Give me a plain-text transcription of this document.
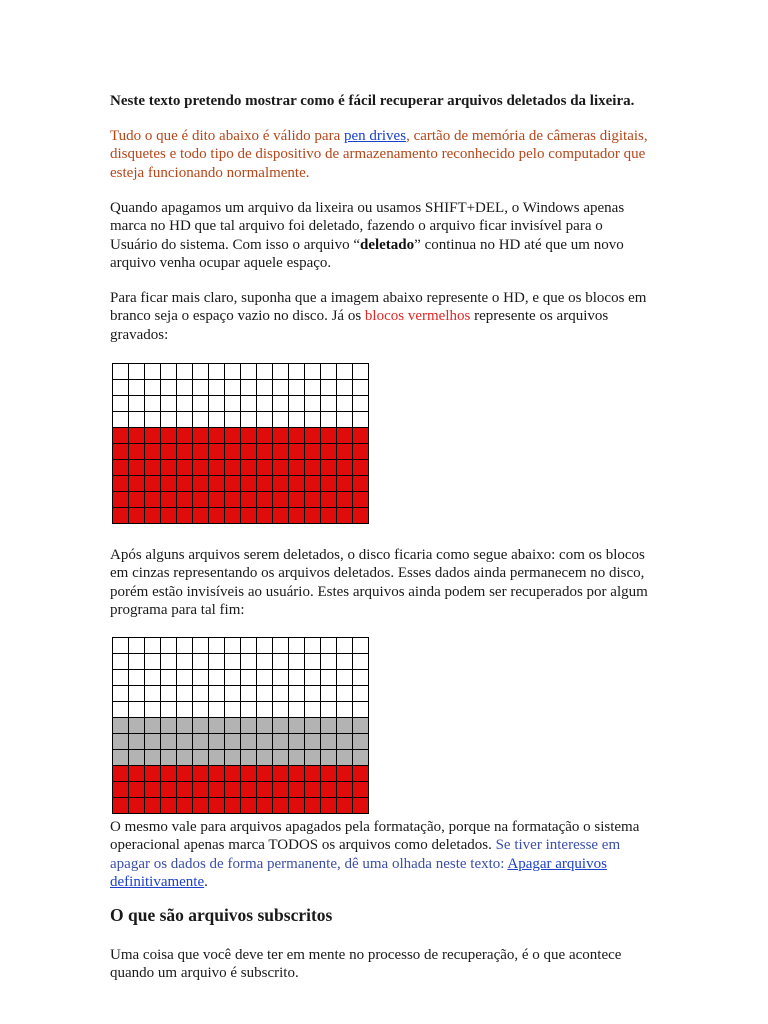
Neste texto pretendo mostrar como é fácil recuperar arquivos deletados da lixeira.
Tudo o que é dito abaixo é válido para pen drives, cartão de memória de câmeras digitais, disquetes e todo tipo de dispositivo de armazenamento reconhecido pelo computador que esteja funcionando normalmente.
Quando apagamos um arquivo da lixeira ou usamos SHIFT+DEL, o Windows apenas marca no HD que tal arquivo foi deletado, fazendo o arquivo ficar invisível para o Usuário do sistema. Com isso o arquivo “deletado” continua no HD até que um novo arquivo venha ocupar aquele espaço.
Para ficar mais claro, suponha que a imagem abaixo represente o HD, e que os blocos em branco seja o espaço vazio no disco. Já os blocos vermelhos represente os arquivos gravados:
Após alguns arquivos serem deletados, o disco ficaria como segue abaixo: com os blocos em cinzas representando os arquivos deletados. Esses dados ainda permanecem no disco, porém estão invisíveis ao usuário. Estes arquivos ainda podem ser recuperados por algum programa para tal fim:
O mesmo vale para arquivos apagados pela formatação, porque na formatação o sistema operacional apenas marca TODOS os arquivos como deletados. Se tiver interesse em apagar os dados de forma permanente, dê uma olhada neste texto: Apagar arquivos definitivamente.
O que são arquivos subscritos
Uma coisa que você deve ter em mente no processo de recuperação, é o que acontece quando um arquivo é subscrito.
